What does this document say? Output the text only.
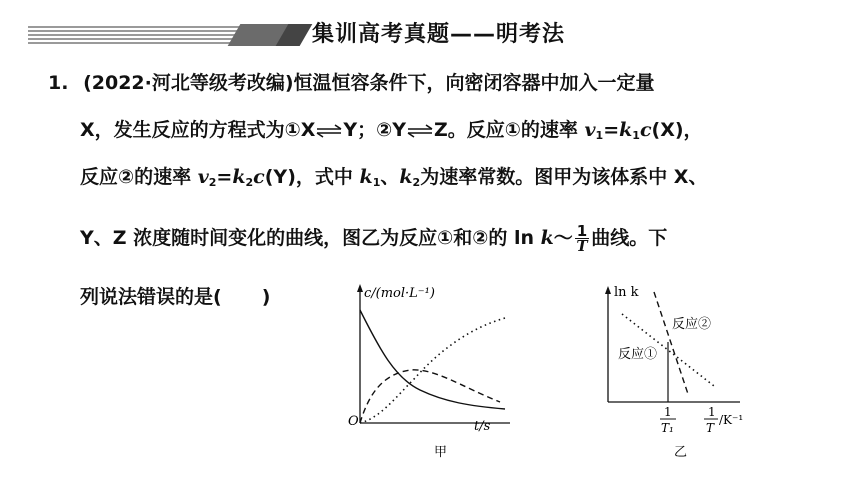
集训高考真题——明考法
1. (2022·河北等级考改编)恒温恒容条件下，向密闭容器中加入一定量
X，发生反应的方程式为①X⇌Y；②Y⇌Z。反应①的速率 $v_1=k_1c(X)$，
反应②的速率 $v_2=k_2c(Y)$，式中 $k_1$、$k_2$为速率常数。图甲为该体系中 X、
Y、Z 浓度随时间变化的曲线，图乙为反应①和②的 ln k～ $\frac{1}{T}$ 曲线。下
列说法错误的是( )	c/(mol·L⁻¹)
t/s
O
甲
ln k
反应②
反应①
1
T₁
1
T
/K⁻¹
乙
